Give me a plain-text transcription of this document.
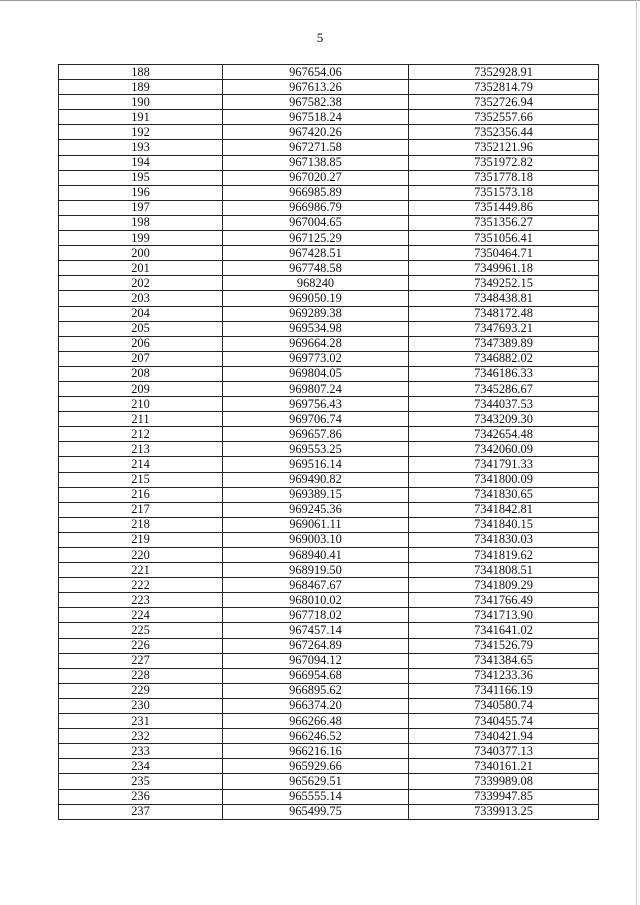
5
188	967654.06	7352928.91
189	967613.26	7352814.79
190	967582.38	7352726.94
191	967518.24	7352557.66
192	967420.26	7352356.44
193	967271.58	7352121.96
194	967138.85	7351972.82
195	967020.27	7351778.18
196	966985.89	7351573.18
197	966986.79	7351449.86
198	967004.65	7351356.27
199	967125.29	7351056.41
200	967428.51	7350464.71
201	967748.58	7349961.18
202	968240	7349252.15
203	969050.19	7348438.81
204	969289.38	7348172.48
205	969534.98	7347693.21
206	969664.28	7347389.89
207	969773.02	7346882.02
208	969804.05	7346186.33
209	969807.24	7345286.67
210	969756.43	7344037.53
211	969706.74	7343209.30
212	969657.86	7342654.48
213	969553.25	7342060.09
214	969516.14	7341791.33
215	969490.82	7341800.09
216	969389.15	7341830.65
217	969245.36	7341842.81
218	969061.11	7341840.15
219	969003.10	7341830.03
220	968940.41	7341819.62
221	968919.50	7341808.51
222	968467.67	7341809.29
223	968010.02	7341766.49
224	967718.02	7341713.90
225	967457.14	7341641.02
226	967264.89	7341526.79
227	967094.12	7341384.65
228	966954.68	7341233.36
229	966895.62	7341166.19
230	966374.20	7340580.74
231	966266.48	7340455.74
232	966246.52	7340421.94
233	966216.16	7340377.13
234	965929.66	7340161.21
235	965629.51	7339989.08
236	965555.14	7339947.85
237	965499.75	7339913.25
